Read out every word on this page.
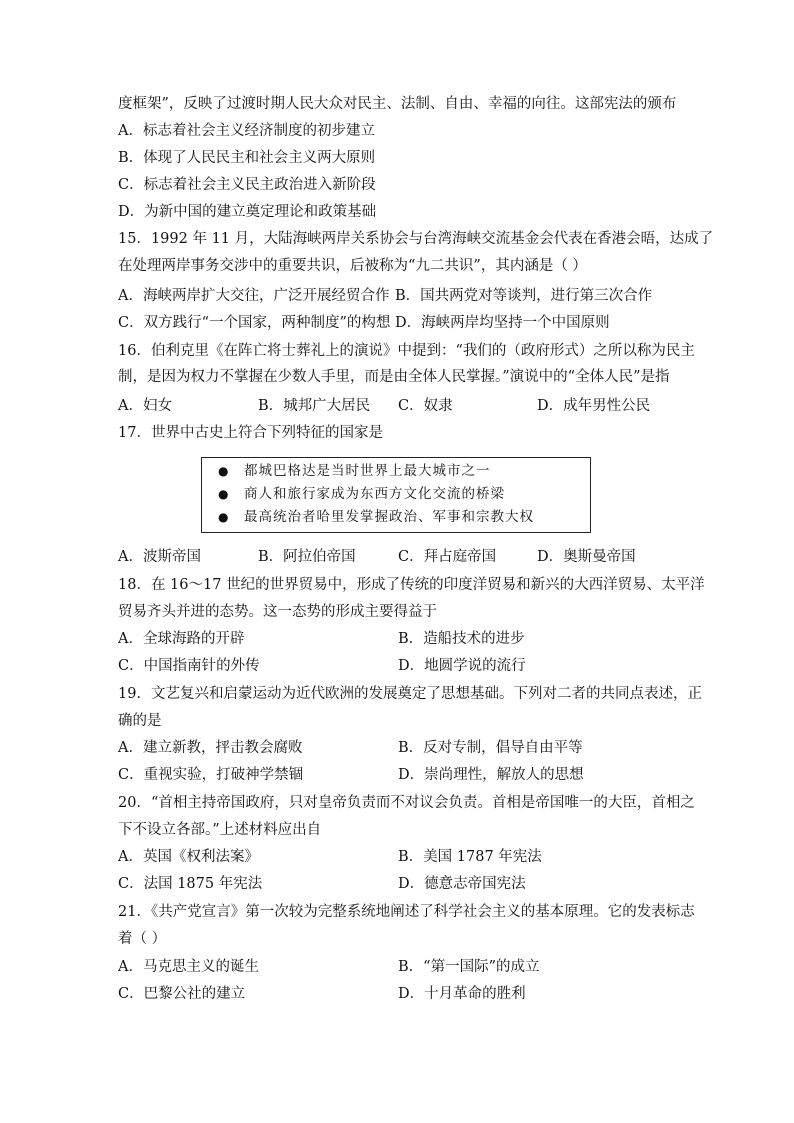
度框架”，反映了过渡时期人民大众对民主、法制、自由、幸福的向往。这部宪法的颁布
A．标志着社会主义经济制度的初步建立
B．体现了人民民主和社会主义两大原则
C．标志着社会主义民主政治进入新阶段
D．为新中国的建立奠定理论和政策基础
15．1992 年 11 月，大陆海峡两岸关系协会与台湾海峡交流基金会代表在香港会晤，达成了
在处理两岸事务交涉中的重要共识，后被称为“九二共识”，其内涵是（ ）
A．海峡两岸扩大交往，广泛开展经贸合作 B．国共两党对等谈判，进行第三次合作
C．双方践行“一个国家，两种制度”的构想 D．海峡两岸均坚持一个中国原则
16．伯利克里《在阵亡将士葬礼上的演说》中提到：“我们的（政府形式）之所以称为民主
制，是因为权力不掌握在少数人手里，而是由全体人民掌握。”演说中的“全体人民”是指
A．妇女	B．城邦广大居民 C．奴隶	D．成年男性公民
17．世界中古史上符合下列特征的国家是
● 都城巴格达是当时世界上最大城市之一
● 商人和旅行家成为东西方文化交流的桥梁
● 最高统治者哈里发掌握政治、军事和宗教大权
A．波斯帝国	B．阿拉伯帝国	C．拜占庭帝国	D．奥斯曼帝国
18．在 16～17 世纪的世界贸易中，形成了传统的印度洋贸易和新兴的大西洋贸易、太平洋
贸易齐头并进的态势。这一态势的形成主要得益于
A．全球海路的开辟	B．造船技术的进步
C．中国指南针的外传	D．地圆学说的流行
19．文艺复兴和启蒙运动为近代欧洲的发展奠定了思想基础。下列对二者的共同点表述，正
确的是
A．建立新教，抨击教会腐败	B．反对专制，倡导自由平等
C．重视实验，打破神学禁锢	D．崇尚理性，解放人的思想
20．“首相主持帝国政府，只对皇帝负责而不对议会负责。首相是帝国唯一的大臣，首相之
下不设立各部。”上述材料应出自
A．英国《权利法案》	B．美国 1787 年宪法
C．法国 1875 年宪法	D．德意志帝国宪法
21．《共产党宣言》第一次较为完整系统地阐述了科学社会主义的基本原理。它的发表标志
着（ ）
A．马克思主义的诞生	B．“第一国际”的成立
C．巴黎公社的建立	D．十月革命的胜利
